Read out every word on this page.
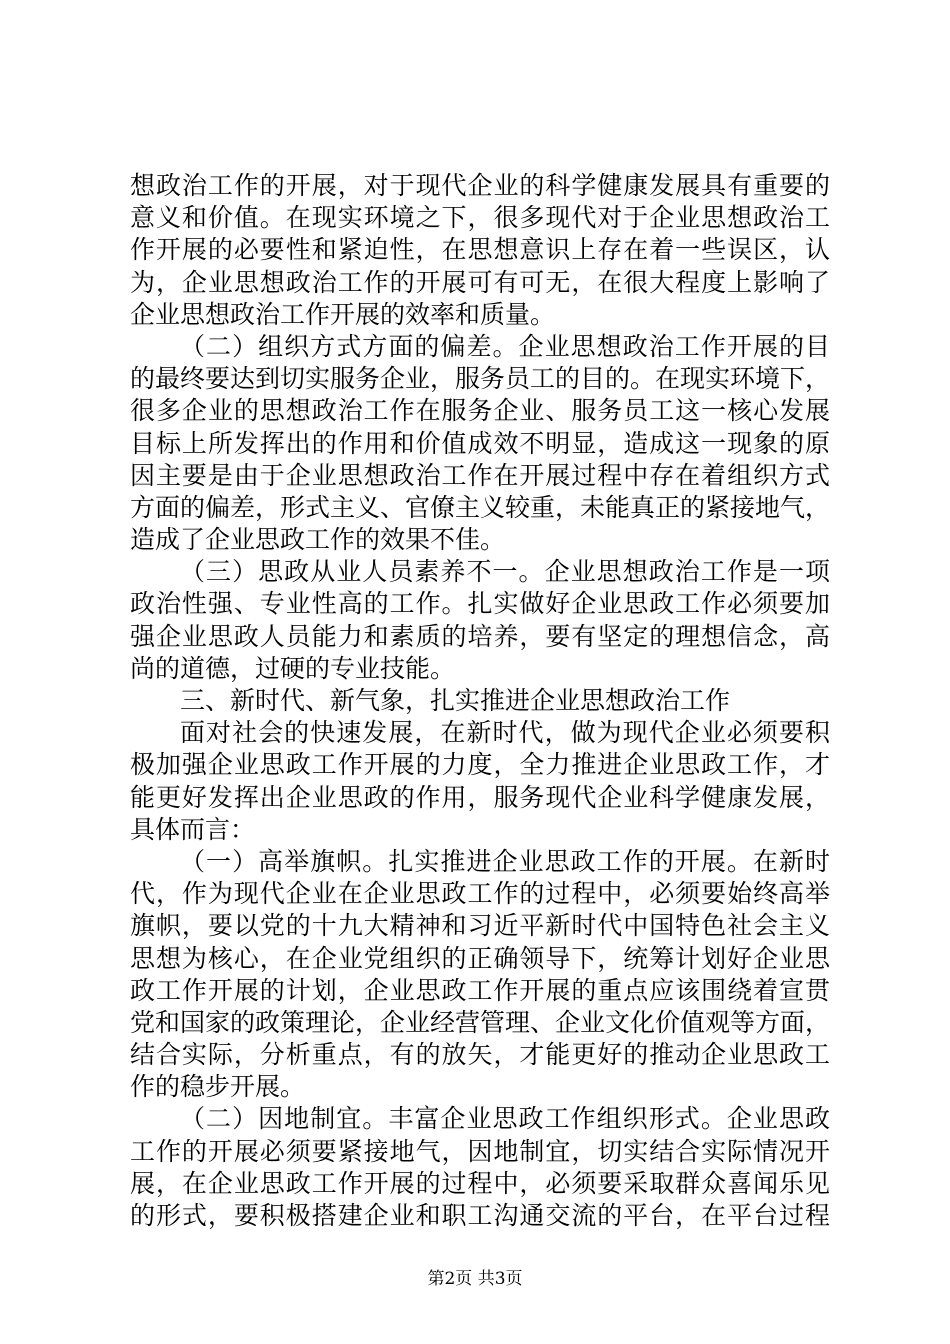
想政治工作的开展，对于现代企业的科学健康发展具有重要的
意义和价值。在现实环境之下，很多现代对于企业思想政治工
作开展的必要性和紧迫性，在思想意识上存在着一些误区，认
为，企业思想政治工作的开展可有可无，在很大程度上影响了
企业思想政治工作开展的效率和质量。
（二）组织方式方面的偏差。企业思想政治工作开展的目
的最终要达到切实服务企业，服务员工的目的。在现实环境下，
很多企业的思想政治工作在服务企业、服务员工这一核心发展
目标上所发挥出的作用和价值成效不明显，造成这一现象的原
因主要是由于企业思想政治工作在开展过程中存在着组织方式
方面的偏差，形式主义、官僚主义较重，未能真正的紧接地气，
造成了企业思政工作的效果不佳。
（三）思政从业人员素养不一。企业思想政治工作是一项
政治性强、专业性高的工作。扎实做好企业思政工作必须要加
强企业思政人员能力和素质的培养，要有坚定的理想信念，高
尚的道德，过硬的专业技能。
三、新时代、新气象，扎实推进企业思想政治工作
面对社会的快速发展，在新时代，做为现代企业必须要积
极加强企业思政工作开展的力度，全力推进企业思政工作，才
能更好发挥出企业思政的作用，服务现代企业科学健康发展，
具体而言：
（一）高举旗帜。扎实推进企业思政工作的开展。在新时
代，作为现代企业在企业思政工作的过程中，必须要始终高举
旗帜，要以党的十九大精神和习近平新时代中国特色社会主义
思想为核心，在企业党组织的正确领导下，统筹计划好企业思
政工作开展的计划，企业思政工作开展的重点应该围绕着宣贯
党和国家的政策理论，企业经营管理、企业文化价值观等方面，
结合实际，分析重点，有的放矢，才能更好的推动企业思政工
作的稳步开展。
（二）因地制宜。丰富企业思政工作组织形式。企业思政
工作的开展必须要紧接地气，因地制宜，切实结合实际情况开
展，在企业思政工作开展的过程中，必须要采取群众喜闻乐见
的形式，要积极搭建企业和职工沟通交流的平台，在平台过程
第2页 共3页
